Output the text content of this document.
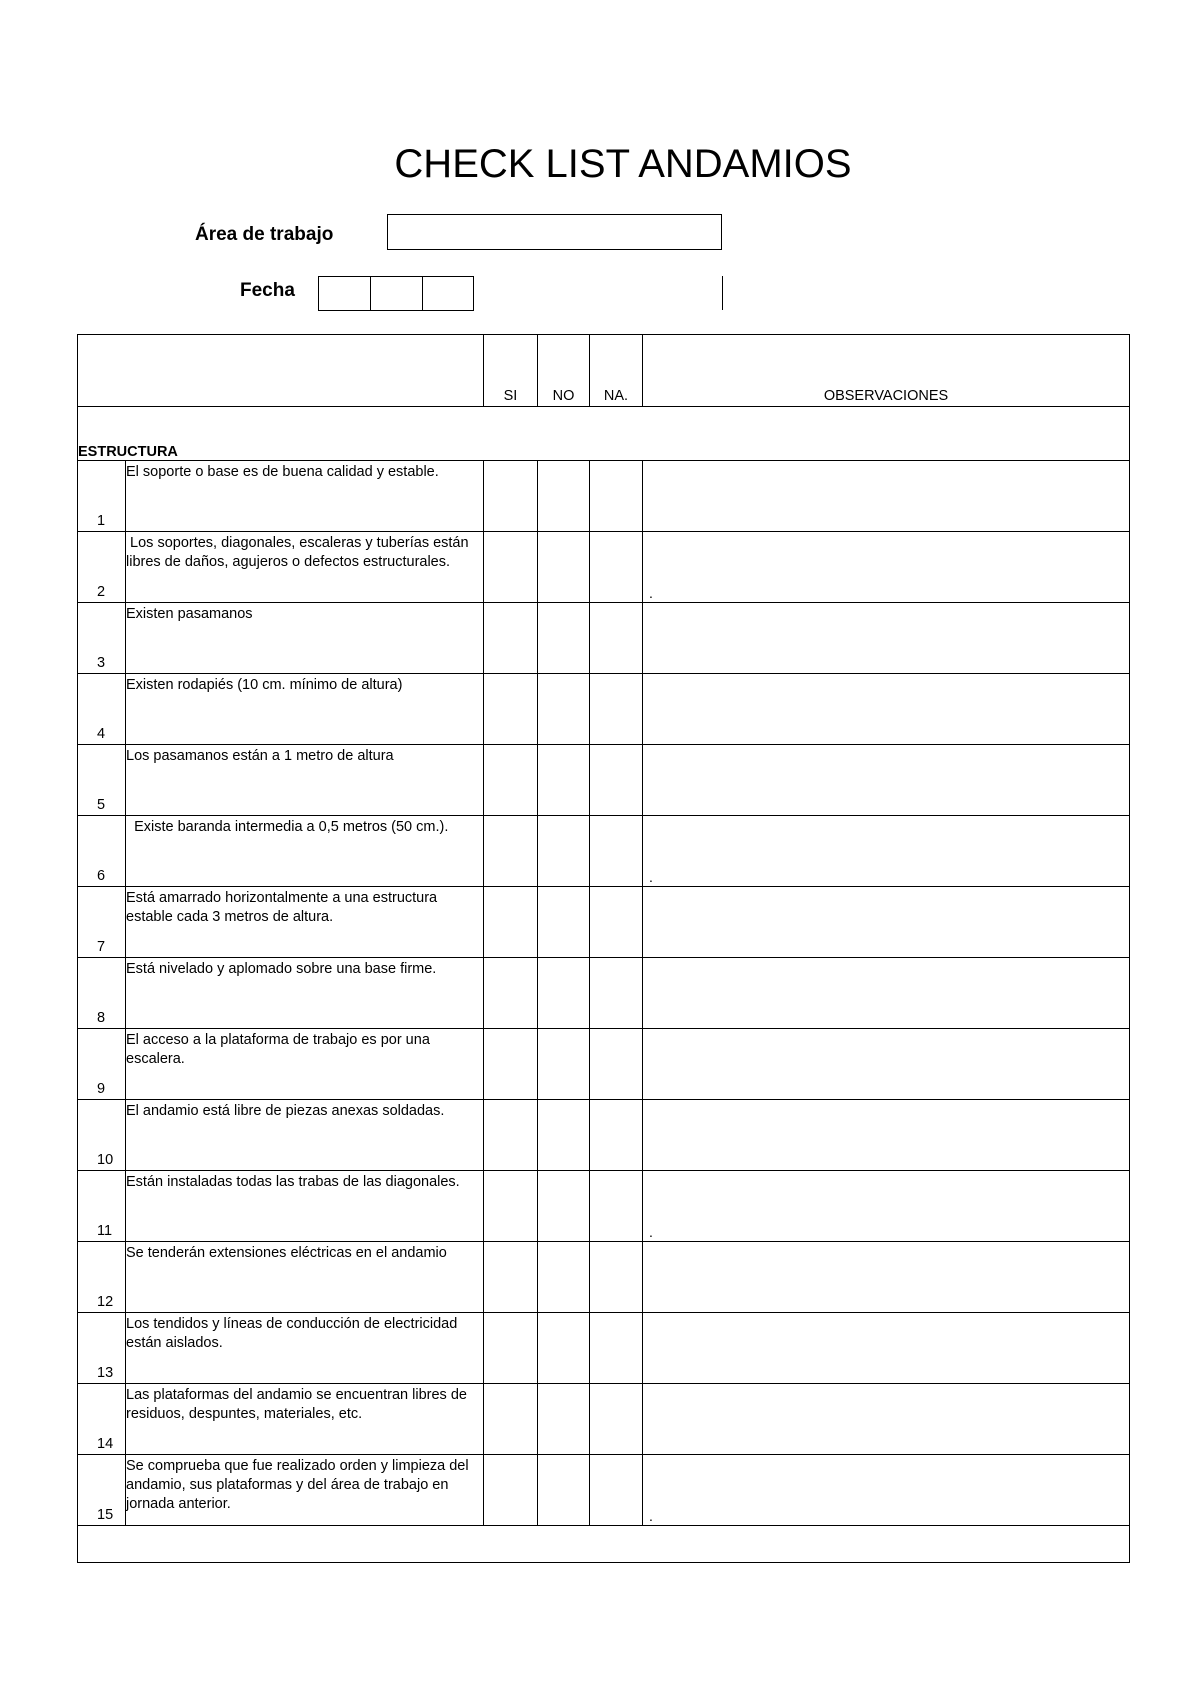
CHECK LIST ANDAMIOS
Área de trabajo
Fecha
		SI	NO	NA.	OBSERVACIONES
ESTRUCTURA					
1	El soporte o base es de buena calidad y estable.				

2	Los soportes, diagonales, escaleras y tuberías están libres de daños, agujeros o defectos estructurales.				.

3	Existen pasamanos				

4	Existen rodapiés (10 cm. mínimo de altura)				

5	Los pasamanos están a 1 metro de altura				

6	Existe baranda intermedia a 0,5 metros (50 cm.).				.

7	Está amarrado horizontalmente a una estructura estable cada 3 metros de altura.				

8	Está nivelado y aplomado sobre una base firme.				

9	El acceso a la plataforma de trabajo es por una escalera.				

10	El andamio está libre de piezas anexas soldadas.				

11	Están instaladas todas las trabas de las diagonales.				.

12	Se tenderán extensiones eléctricas en el andamio				

13	Los tendidos y líneas de conducción de electricidad están aislados.				

14	Las plataformas del andamio se encuentran libres de residuos, despuntes, materiales, etc.				

15	Se comprueba que fue realizado orden y limpieza del andamio, sus plataformas y del área de trabajo en jornada anterior.				.
